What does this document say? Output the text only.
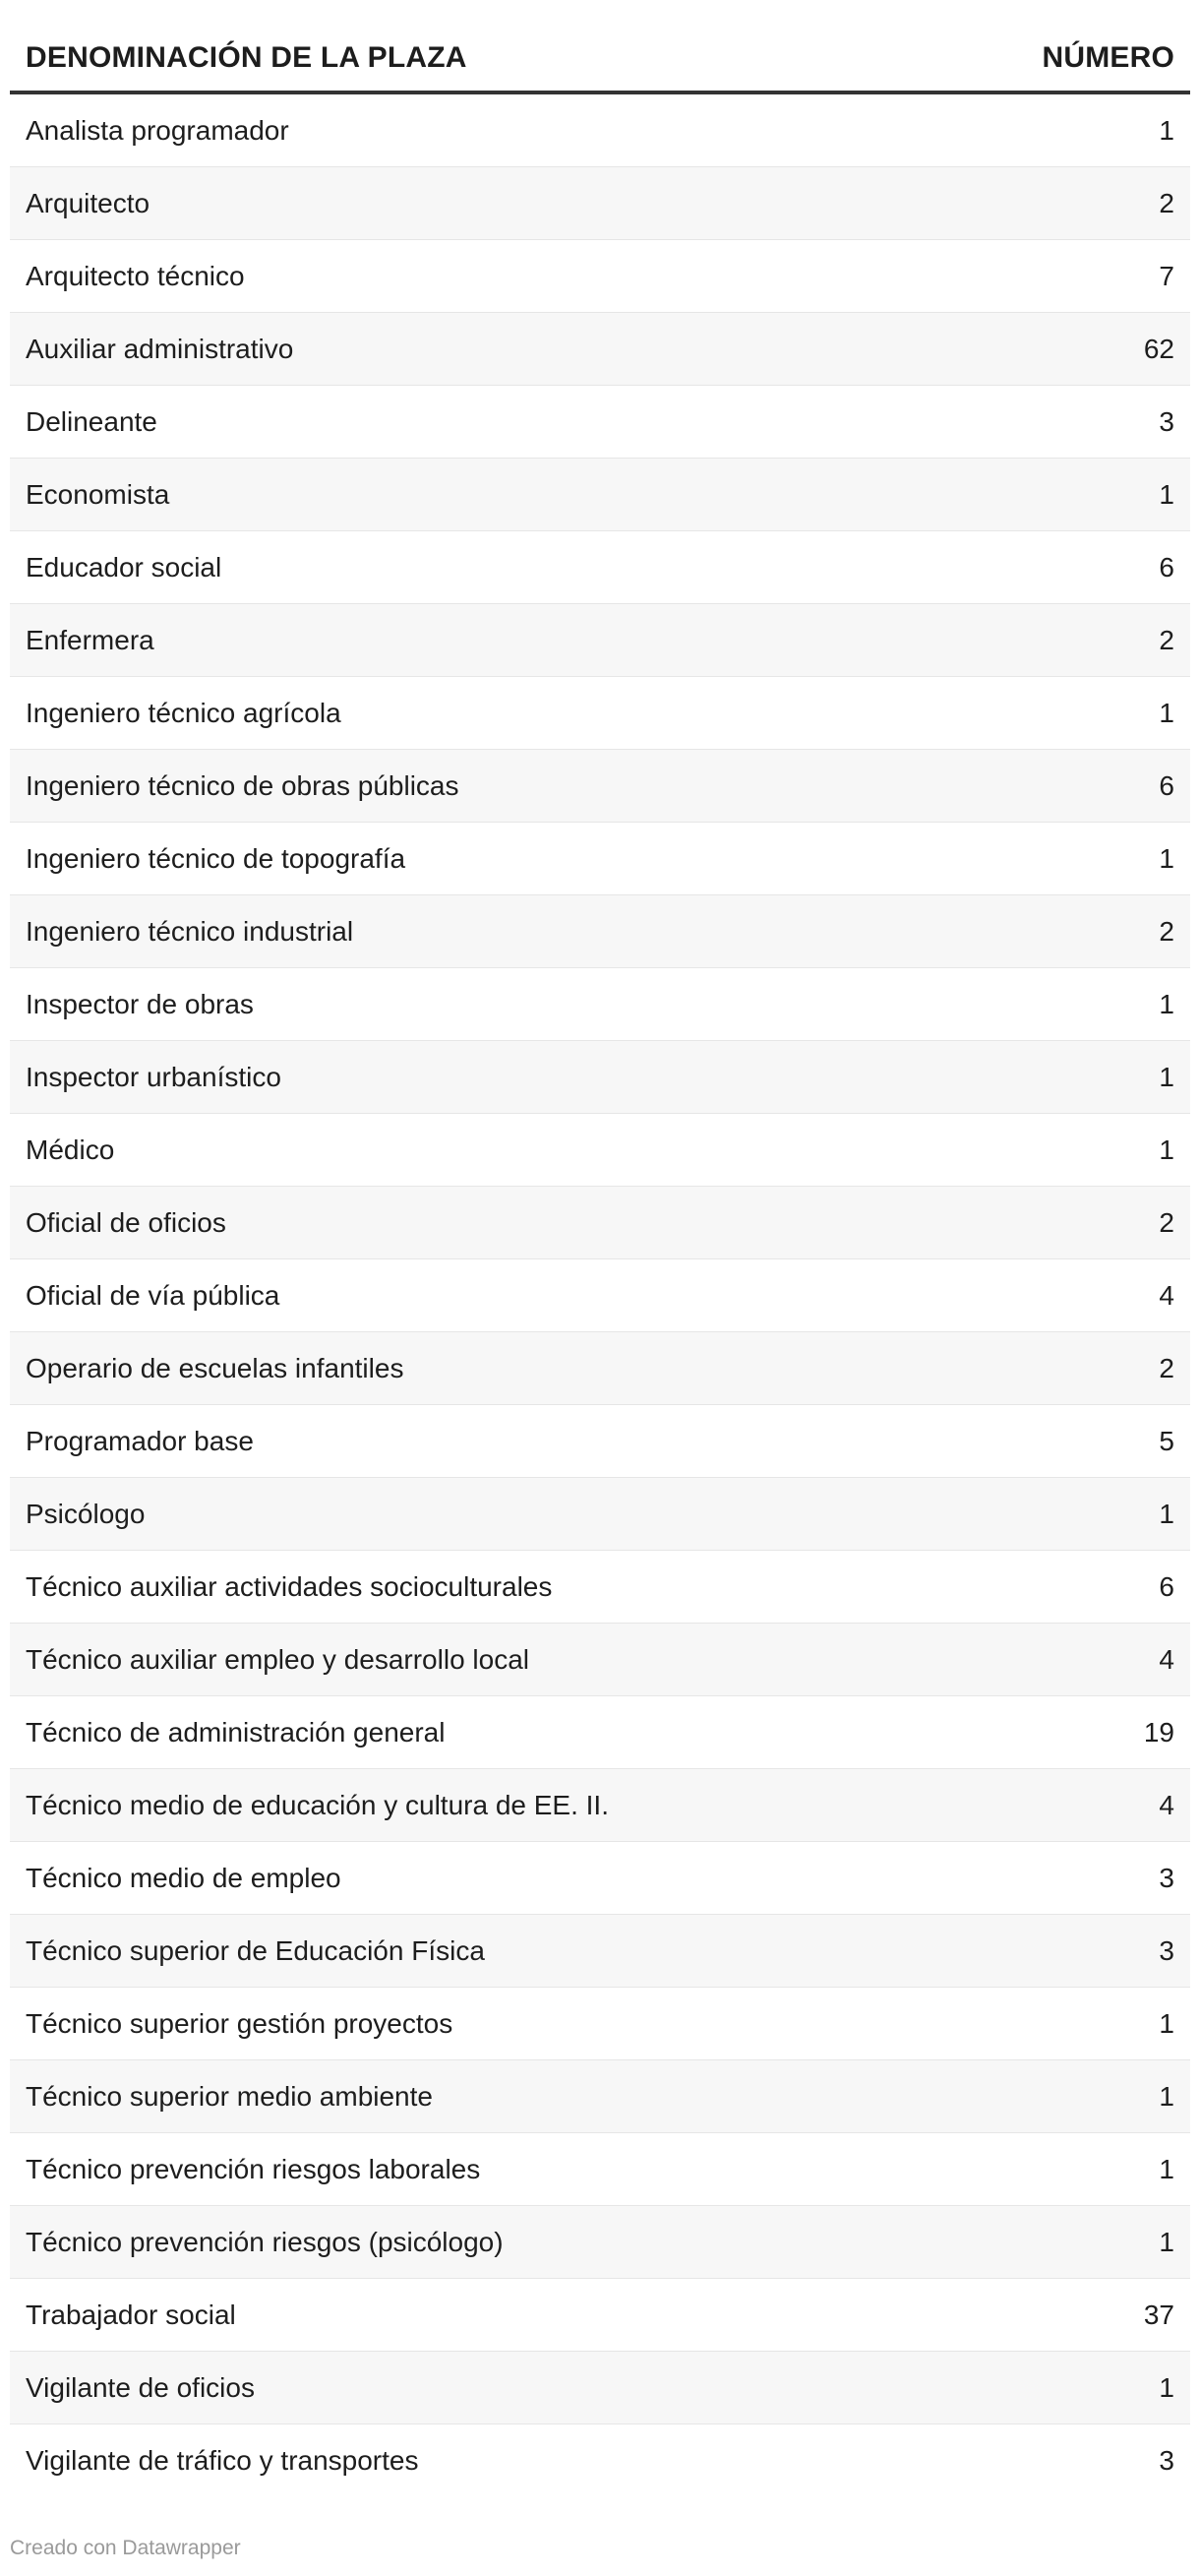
DENOMINACIÓN DE LA PLAZA	NÚMERO
Analista programador	1
Arquitecto	2
Arquitecto técnico	7
Auxiliar administrativo	62
Delineante	3
Economista	1
Educador social	6
Enfermera	2
Ingeniero técnico agrícola	1
Ingeniero técnico de obras públicas	6
Ingeniero técnico de topografía	1
Ingeniero técnico industrial	2
Inspector de obras	1
Inspector urbanístico	1
Médico	1
Oficial de oficios	2
Oficial de vía pública	4
Operario de escuelas infantiles	2
Programador base	5
Psicólogo	1
Técnico auxiliar actividades socioculturales	6
Técnico auxiliar empleo y desarrollo local	4
Técnico de administración general	19
Técnico medio de educación y cultura de EE. II.	4
Técnico medio de empleo	3
Técnico superior de Educación Física	3
Técnico superior gestión proyectos	1
Técnico superior medio ambiente	1
Técnico prevención riesgos laborales	1
Técnico prevención riesgos (psicólogo)	1
Trabajador social	37
Vigilante de oficios	1
Vigilante de tráfico y transportes	3
Creado con Datawrapper
